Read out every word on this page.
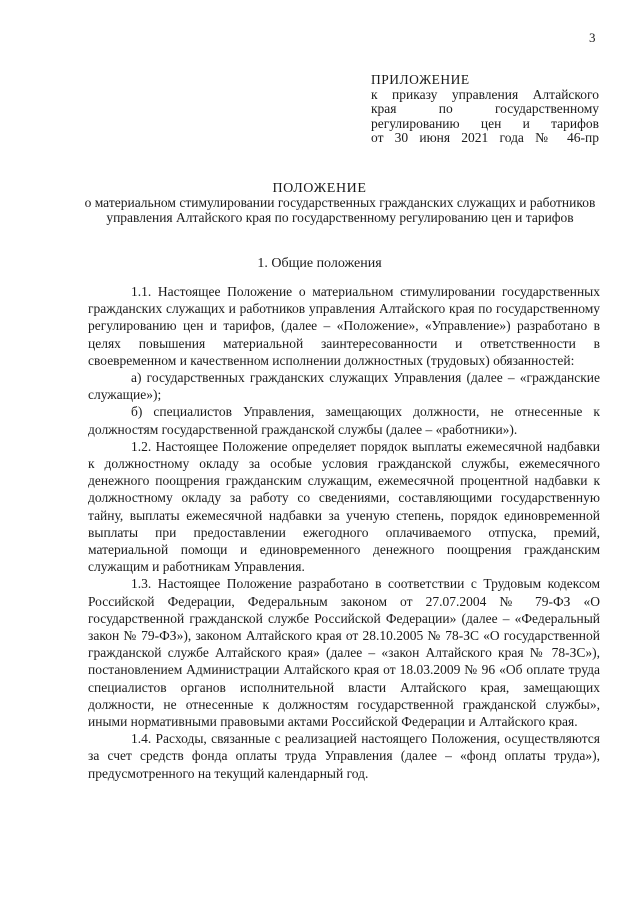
3
ПРИЛОЖЕНИЕ
к приказу управления Алтайского
края по государственному
регулированию цен и тарифов
от 30 июня 2021 года № 46-пр
ПОЛОЖЕНИЕ
о материальном стимулировании государственных гражданских служащих и работников управления Алтайского края по государственному регулированию цен и тарифов
1. Общие положения

1.1. Настоящее Положение о материальном стимулировании государственных гражданских служащих и работников управления Алтайского края по государственному регулированию цен и тарифов, (далее – «Положение», «Управление») разработано в целях повышения материальной заинтересованности и ответственности в своевременном и качественном исполнении должностных (трудовых) обязанностей:

а) государственных гражданских служащих Управления (далее – «гражданские служащие»);

б) специалистов Управления, замещающих должности, не отнесенные к должностям государственной гражданской службы (далее – «работники»).

1.2. Настоящее Положение определяет порядок выплаты ежемесячной надбавки к должностному окладу за особые условия гражданской службы, ежемесячного денежного поощрения гражданским служащим, ежемесячной процентной надбавки к должностному окладу за работу со сведениями, составляющими государственную тайну, выплаты ежемесячной надбавки за ученую степень, порядок единовременной выплаты при предоставлении ежегодного оплачиваемого отпуска, премий, материальной помощи и единовременного денежного поощрения гражданским служащим и работникам Управления.

1.3. Настоящее Положение разработано в соответствии с Трудовым кодексом Российской Федерации, Федеральным законом от 27.07.2004 № 79-ФЗ «О государственной гражданской службе Российской Федерации» (далее – «Федеральный закон № 79-ФЗ»), законом Алтайского края от 28.10.2005 № 78-ЗС «О государственной гражданской службе Алтайского края» (далее – «закон Алтайского края № 78-ЗС»), постановлением Администрации Алтайского края от 18.03.2009 № 96 «Об оплате труда специалистов органов исполнительной власти Алтайского края, замещающих должности, не отнесенные к должностям государственной гражданской службы», иными нормативными правовыми актами Российской Федерации и Алтайского края.

1.4. Расходы, связанные с реализацией настоящего Положения, осуществляются за счет средств фонда оплаты труда Управления (далее – «фонд оплаты труда»), предусмотренного на текущий календарный год.
